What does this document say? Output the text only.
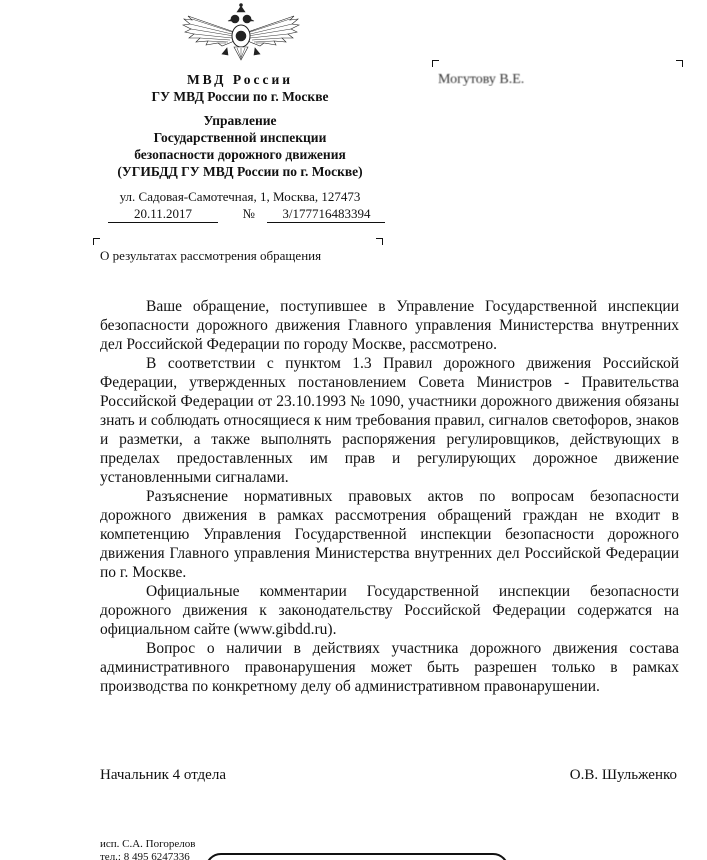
МВД России
ГУ МВД России по г. Москве
Управление
Государственной инспекции
безопасности дорожного движения
(УГИБДД ГУ МВД России по г. Москве)
ул. Садовая-Самотечная, 1, Москва, 127473
20.11.2017	№ 3/177716483394
Могутову В.Е.
О результатах рассмотрения обращения

Ваше обращение, поступившее в Управление Государственной инспекции безопасности дорожного движения Главного управления Министерства внутренних дел Российской Федерации по городу Москве, рассмотрено.

В соответствии с пунктом 1.3 Правил дорожного движения Российской Федерации, утвержденных постановлением Совета Министров - Правительства Российской Федерации от 23.10.1993 № 1090, участники дорожного движения обязаны знать и соблюдать относящиеся к ним требования правил, сигналов светофоров, знаков и разметки, а также выполнять распоряжения регулировщиков, действующих в пределах предоставленных им прав и регулирующих дорожное движение установленными сигналами.

Разъяснение нормативных правовых актов по вопросам безопасности дорожного движения в рамках рассмотрения обращений граждан не входит в компетенцию Управления Государственной инспекции безопасности дорожного движения Главного управления Министерства внутренних дел Российской Федерации по г. Москве.

Официальные комментарии Государственной инспекции безопасности дорожного движения к законодательству Российской Федерации содержатся на официальном сайте (www.gibdd.ru).

Вопрос о наличии в действиях участника дорожного движения состава административного правонарушения может быть разрешен только в рамках производства по конкретному делу об административном правонарушении.

Начальник 4 отдела	О.В. Шульженко
исп. С.А. Погорелов
тел.: 8 495 6247336
